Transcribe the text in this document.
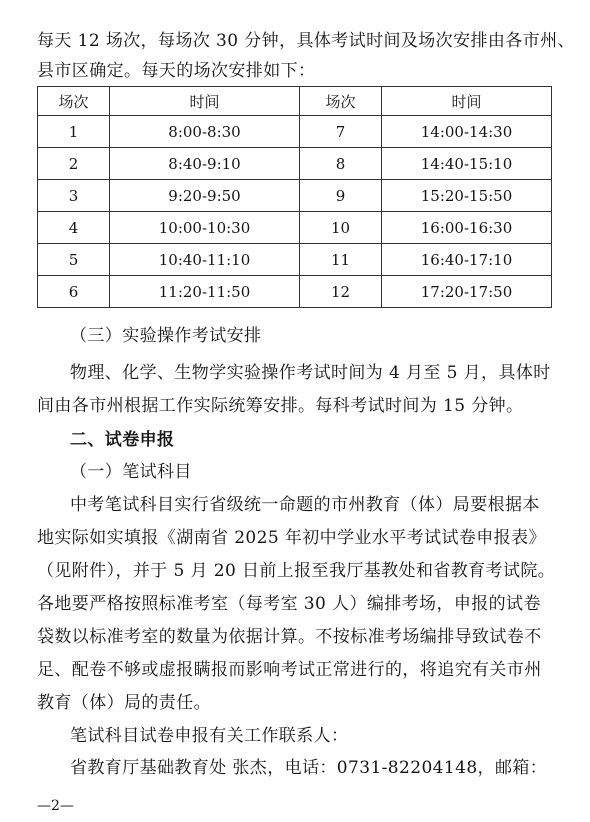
每天 12 场次，每场次 30 分钟，具体考试时间及场次安排由各市州、
县市区确定。每天的场次安排如下：
场次	时间	场次	时间
1	8:00-8:30	7	14:00-14:30
2	8:40-9:10	8	14:40-15:10
3	9:20-9:50	9	15:20-15:50
4	10:00-10:30	10	16:00-16:30
5	10:40-11:10	11	16:40-17:10
6	11:20-11:50	12	17:20-17:50
（三）实验操作考试安排
物理、化学、生物学实验操作考试时间为 4 月至 5 月，具体时
间由各市州根据工作实际统筹安排。每科考试时间为 15 分钟。
二、试卷申报
（一）笔试科目
中考笔试科目实行省级统一命题的市州教育（体）局要根据本
地实际如实填报《湖南省 2025 年初中学业水平考试试卷申报表》
（见附件），并于 5 月 20 日前上报至我厅基教处和省教育考试院。
各地要严格按照标准考室（每考室 30 人）编排考场，申报的试卷
袋数以标准考室的数量为依据计算。不按标准考场编排导致试卷不
足、配卷不够或虚报瞒报而影响考试正常进行的，将追究有关市州
教育（体）局的责任。
笔试科目试卷申报有关工作联系人：
省教育厅基础教育处 张杰，电话：0731-82204148，邮箱：
—2—
